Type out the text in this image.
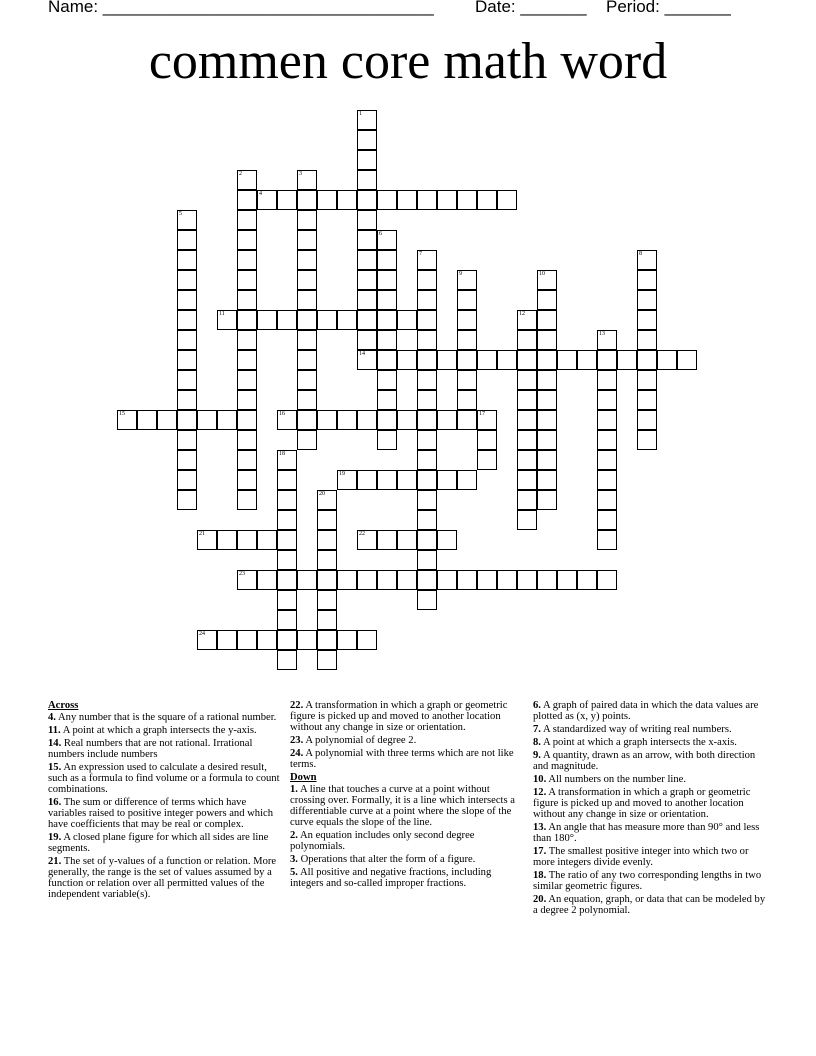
Name: ___________________________________

Date: _______

Period: _______

commen core math word
1
2	3
4
5
6
7	8
9	10
11	12
13
14
15	16	17
18
19
20
21	22
23
24
Across
4. Any number that is the square of a rational number.
11. A point at which a graph intersects the y-axis.
14. Real numbers that are not rational. Irrational numbers include numbers
15. An expression used to calculate a desired result, such as a formula to find volume or a formula to count combinations.
16. The sum or difference of terms which have variables raised to positive integer powers and which have coefficients that may be real or complex.
19. A closed plane figure for which all sides are line segments.
21. The set of y-values of a function or relation. More generally, the range is the set of values assumed by a function or relation over all permitted values of the independent variable(s).
22. A transformation in which a graph or geometric figure is picked up and moved to another location without any change in size or orientation.
23. A polynomial of degree 2.
24. A polynomial with three terms which are not like terms.
Down
1. A line that touches a curve at a point without crossing over. Formally, it is a line which intersects a differentiable curve at a point where the slope of the curve equals the slope of the line.
2. An equation includes only second degree polynomials.
3. Operations that alter the form of a figure.
5. All positive and negative fractions, including integers and so-called improper fractions.
6. A graph of paired data in which the data values are plotted as (x, y) points.
7. A standardized way of writing real numbers.
8. A point at which a graph intersects the x-axis.
9. A quantity, drawn as an arrow, with both direction and magnitude.
10. All numbers on the number line.
12. A transformation in which a graph or geometric figure is picked up and moved to another location without any change in size or orientation.
13. An angle that has measure more than 90° and less than 180°.
17. The smallest positive integer into which two or more integers divide evenly.
18. The ratio of any two corresponding lengths in two similar geometric figures.
20. An equation, graph, or data that can be modeled by a degree 2 polynomial.
